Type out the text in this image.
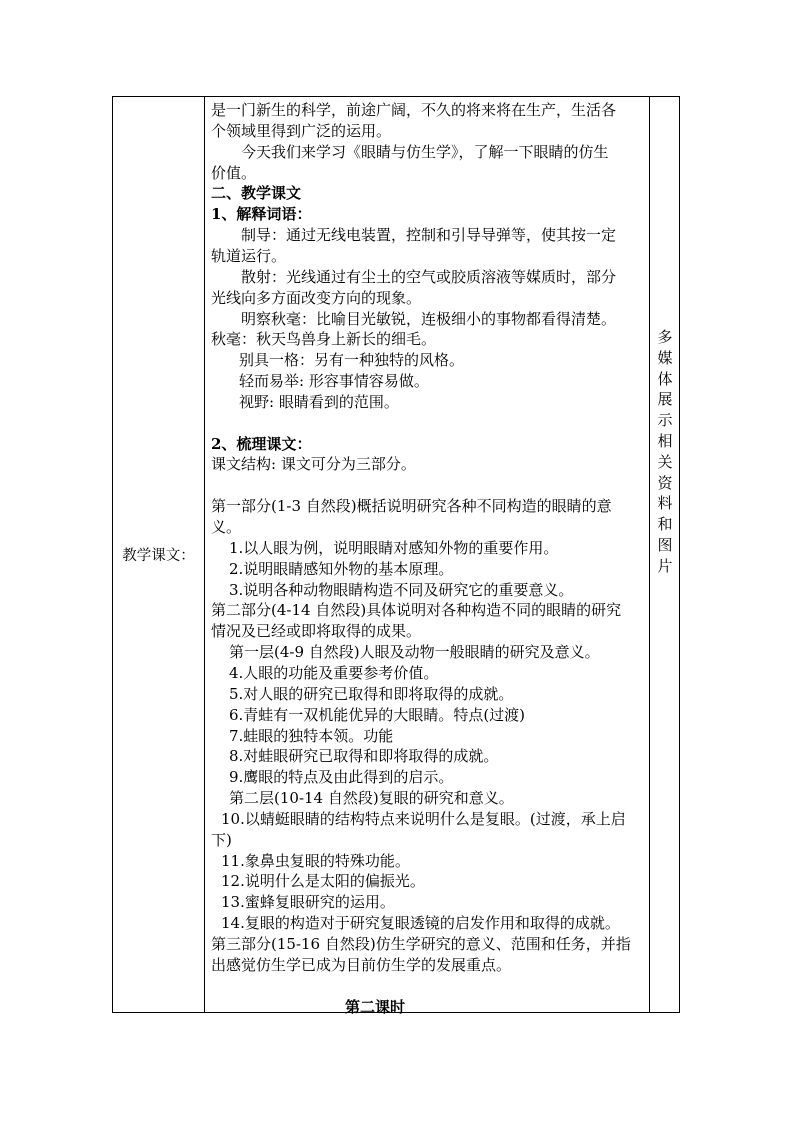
教学课文：
是一门新生的科学，前途广阔，不久的将来将在生产，生活各
个领域里得到广泛的运用。
今天我们来学习《眼睛与仿生学》，了解一下眼睛的仿生
价值。
二、教学课文
1、解释词语：
制导：通过无线电装置，控制和引导导弹等，使其按一定
轨道运行。
散射：光线通过有尘土的空气或胶质溶液等媒质时，部分
光线向多方面改变方向的现象。
明察秋毫：比喻目光敏锐，连极细小的事物都看得清楚。
秋毫：秋天鸟兽身上新长的细毛。
别具一格：另有一种独特的风格。
轻而易举: 形容事情容易做。
视野: 眼睛看到的范围。
2、梳理课文：
课文结构: 课文可分为三部分。
第一部分(1-3 自然段)概括说明研究各种不同构造的眼睛的意
义。
1.以人眼为例，说明眼睛对感知外物的重要作用。
2.说明眼睛感知外物的基本原理。
3.说明各种动物眼睛构造不同及研究它的重要意义。
第二部分(4-14 自然段)具体说明对各种构造不同的眼睛的研究
情况及已经或即将取得的成果。
第一层(4-9 自然段)人眼及动物一般眼睛的研究及意义。
4.人眼的功能及重要参考价值。
5.对人眼的研究已取得和即将取得的成就。
6.青蛙有一双机能优异的大眼睛。特点(过渡)
7.蛙眼的独特本领。功能
8.对蛙眼研究已取得和即将取得的成就。
9.鹰眼的特点及由此得到的启示。
第二层(10-14 自然段)复眼的研究和意义。
10.以蜻蜓眼睛的结构特点来说明什么是复眼。(过渡，承上启
下)
11.象鼻虫复眼的特殊功能。
12.说明什么是太阳的偏振光。
13.蜜蜂复眼研究的运用。
14.复眼的构造对于研究复眼透镜的启发作用和取得的成就。
第三部分(15-16 自然段)仿生学研究的意义、范围和任务，并指
出感觉仿生学已成为目前仿生学的发展重点。
第二课时
多
媒
体
展
示
相
关
资
料
和
图
片
